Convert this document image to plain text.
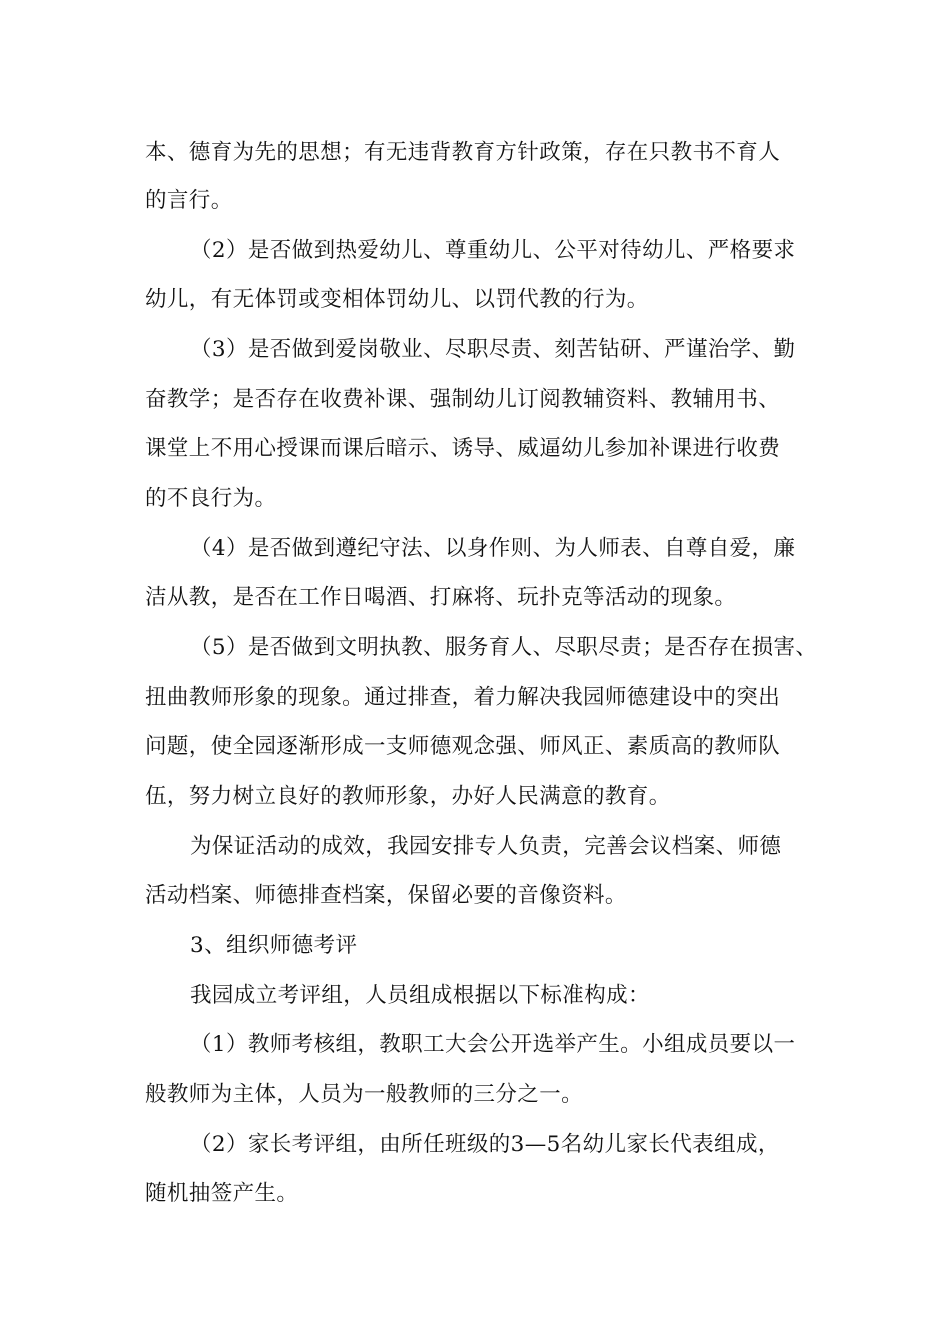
本、德育为先的思想；有无违背教育方针政策，存在只教书不育人

的言行。

（2）是否做到热爱幼儿、尊重幼儿、公平对待幼儿、严格要求

幼儿，有无体罚或变相体罚幼儿、以罚代教的行为。

（3）是否做到爱岗敬业、尽职尽责、刻苦钻研、严谨治学、勤

奋教学；是否存在收费补课、强制幼儿订阅教辅资料、教辅用书、

课堂上不用心授课而课后暗示、诱导、威逼幼儿参加补课进行收费

的不良行为。

（4）是否做到遵纪守法、以身作则、为人师表、自尊自爱，廉

洁从教，是否在工作日喝酒、打麻将、玩扑克等活动的现象。

（5）是否做到文明执教、服务育人、尽职尽责；是否存在损害、

扭曲教师形象的现象。通过排查，着力解决我园师德建设中的突出

问题，使全园逐渐形成一支师德观念强、师风正、素质高的教师队

伍，努力树立良好的教师形象，办好人民满意的教育。

为保证活动的成效，我园安排专人负责，完善会议档案、师德

活动档案、师德排查档案，保留必要的音像资料。

3、组织师德考评

我园成立考评组，人员组成根据以下标准构成：

（1）教师考核组，教职工大会公开选举产生。小组成员要以一

般教师为主体，人员为一般教师的三分之一。

（2）家长考评组，由所任班级的3—5名幼儿家长代表组成，

随机抽签产生。
